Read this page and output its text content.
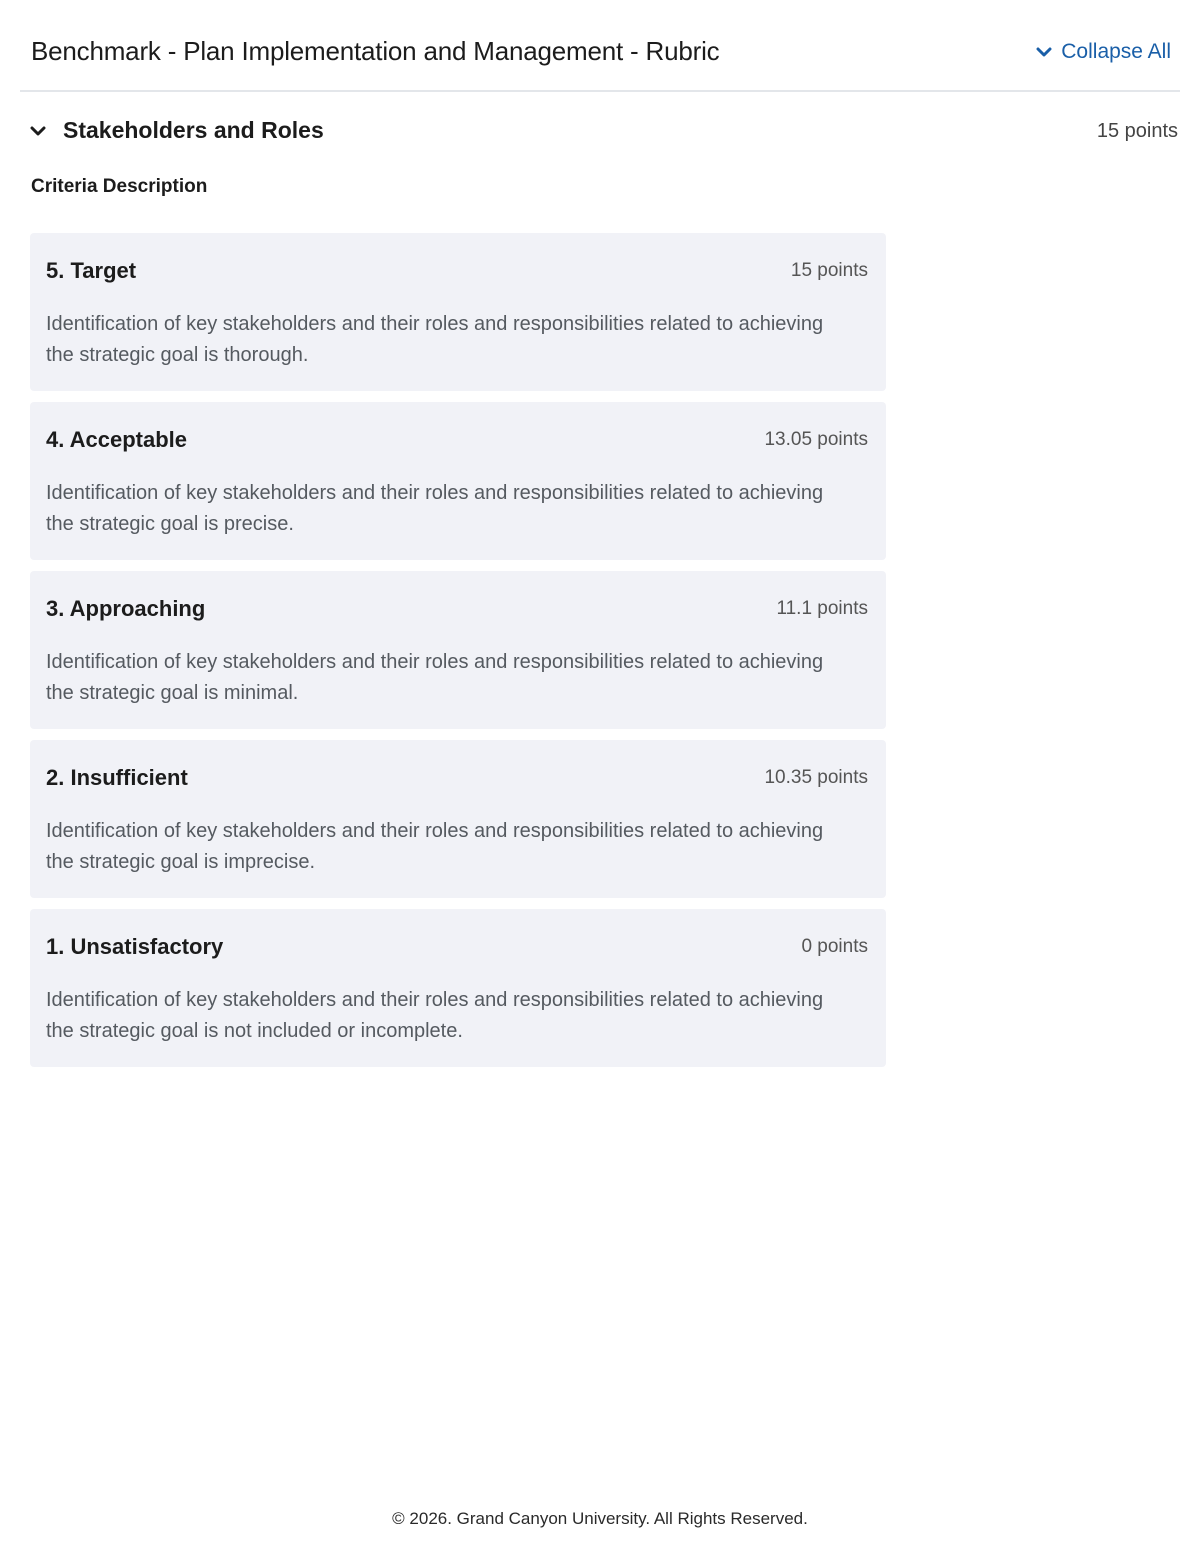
Benchmark - Plan Implementation and Management - Rubric	Collapse All
Stakeholders and Roles	15 points
Criteria Description
5. Target	15 points
Identification of key stakeholders and their roles and responsibilities related to achieving the strategic goal is thorough.
4. Acceptable	13.05 points
Identification of key stakeholders and their roles and responsibilities related to achieving the strategic goal is precise.
3. Approaching	11.1 points
Identification of key stakeholders and their roles and responsibilities related to achieving the strategic goal is minimal.
2. Insufficient	10.35 points
Identification of key stakeholders and their roles and responsibilities related to achieving the strategic goal is imprecise.
1. Unsatisfactory	0 points
Identification of key stakeholders and their roles and responsibilities related to achieving the strategic goal is not included or incomplete.
© 2026. Grand Canyon University. All Rights Reserved.
